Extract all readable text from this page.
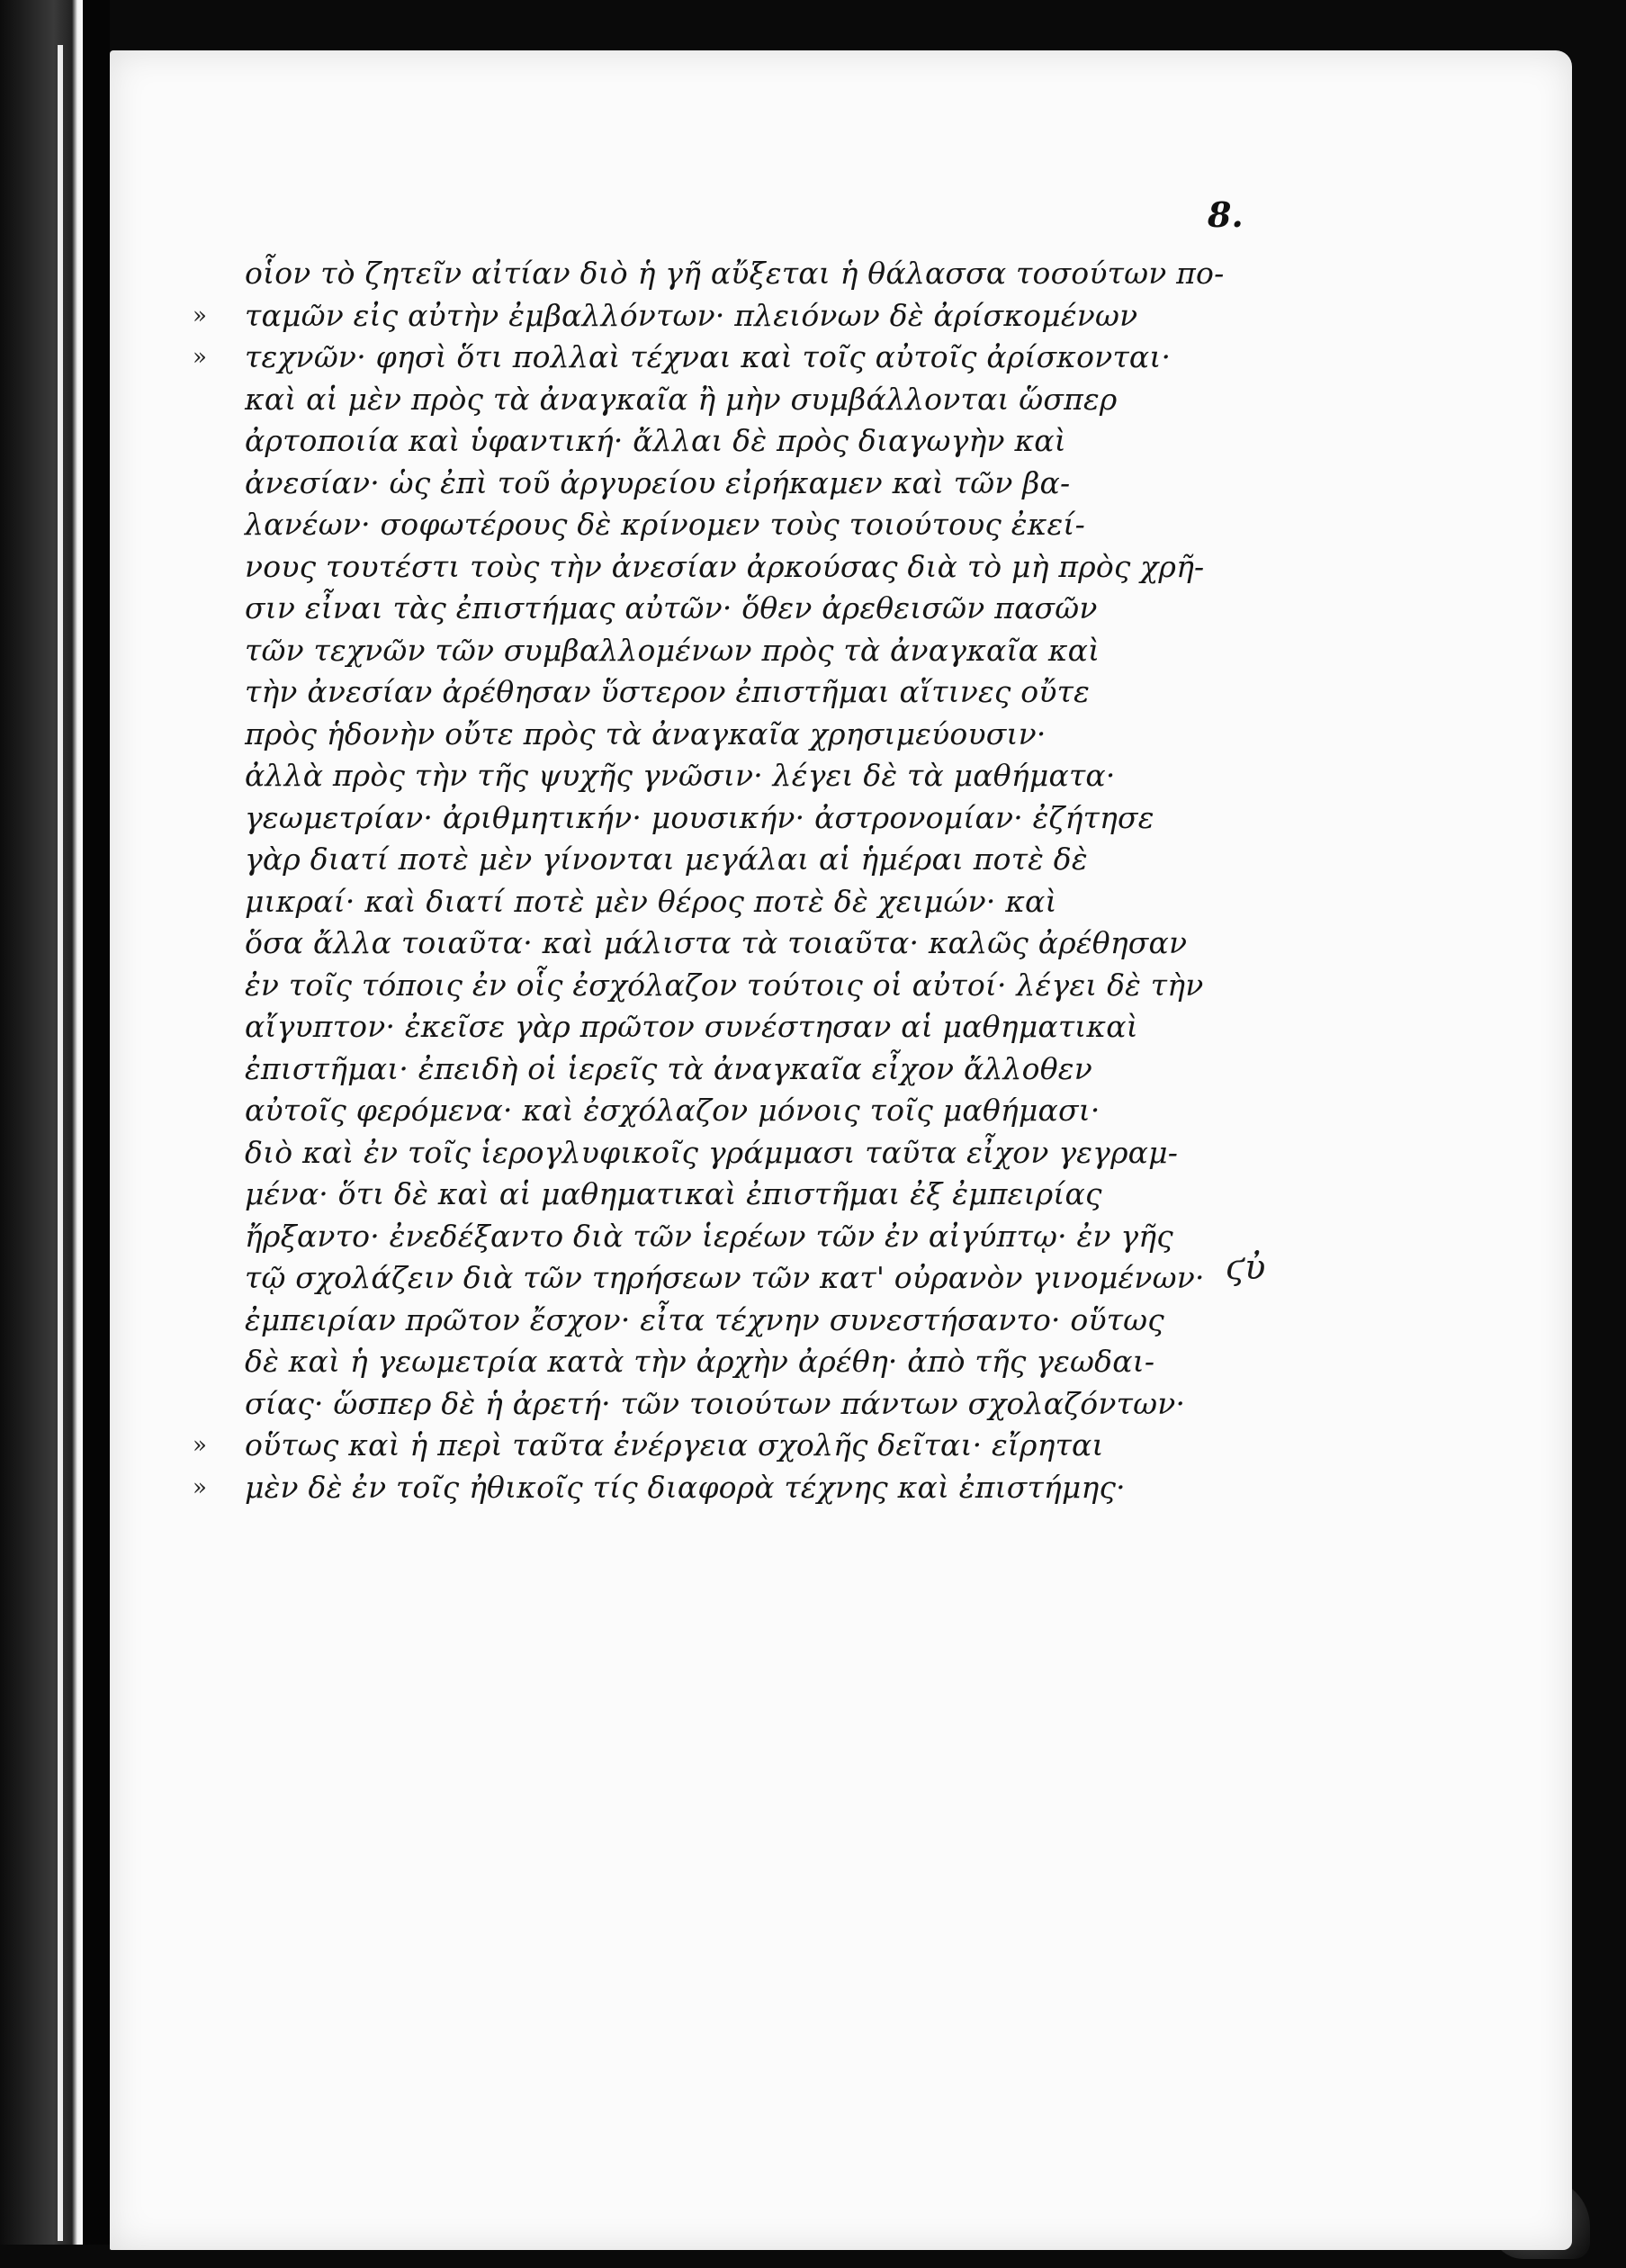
8.
ϛὐ
οἷον τὸ ζητεῖν αἰτίαν διὸ ἡ γῆ αὔξεται ἡ θάλασσα τοσούτων πο-
» ταμῶν εἰς αὐτὴν ἐμβαλλόντων· πλειόνων δὲ ἀρίσκομένων
» τεχνῶν· φησὶ ὅτι πολλαὶ τέχναι καὶ τοῖς αὐτοῖς ἀρίσκονται·
καὶ αἱ μὲν πρὸς τὰ ἀναγκαῖα ἢ μὴν συμβάλλονται ὥσπερ
ἀρτοποιία καὶ ὑφαντική· ἄλλαι δὲ πρὸς διαγωγὴν καὶ
ἀνεσίαν· ὡς ἐπὶ τοῦ ἀργυρείου εἰρήκαμεν καὶ τῶν βα-
λανέων· σοφωτέρους δὲ κρίνομεν τοὺς τοιούτους ἐκεί-
νους τουτέστι τοὺς τὴν ἀνεσίαν ἀρκούσας διὰ τὸ μὴ πρὸς χρῆ-
σιν εἶναι τὰς ἐπιστήμας αὐτῶν· ὅθεν ἀρεθεισῶν πασῶν
τῶν τεχνῶν τῶν συμβαλλομένων πρὸς τὰ ἀναγκαῖα καὶ
τὴν ἀνεσίαν ἀρέθησαν ὕστερον ἐπιστῆμαι αἵτινες οὔτε
πρὸς ἡδονὴν οὔτε πρὸς τὰ ἀναγκαῖα χρησιμεύουσιν·
ἀλλὰ πρὸς τὴν τῆς ψυχῆς γνῶσιν· λέγει δὲ τὰ μαθήματα·
γεωμετρίαν· ἀριθμητικήν· μουσικήν· ἀστρονομίαν· ἐζήτησε
γὰρ διατί ποτὲ μὲν γίνονται μεγάλαι αἱ ἡμέραι ποτὲ δὲ
μικραί· καὶ διατί ποτὲ μὲν θέρος ποτὲ δὲ χειμών· καὶ
ὅσα ἄλλα τοιαῦτα· καὶ μάλιστα τὰ τοιαῦτα· καλῶς ἀρέθησαν
ἐν τοῖς τόποις ἐν οἷς ἐσχόλαζον τούτοις οἱ αὐτοί· λέγει δὲ τὴν
αἴγυπτον· ἐκεῖσε γὰρ πρῶτον συνέστησαν αἱ μαθηματικαὶ
ἐπιστῆμαι· ἐπειδὴ οἱ ἱερεῖς τὰ ἀναγκαῖα εἶχον ἄλλοθεν
αὐτοῖς φερόμενα· καὶ ἐσχόλαζον μόνοις τοῖς μαθήμασι·
διὸ καὶ ἐν τοῖς ἱερογλυφικοῖς γράμμασι ταῦτα εἶχον γεγραμ-
μένα· ὅτι δὲ καὶ αἱ μαθηματικαὶ ἐπιστῆμαι ἐξ ἐμπειρίας
ἤρξαντο· ἐνεδέξαντο διὰ τῶν ἱερέων τῶν ἐν αἰγύπτῳ· ἐν γῆς
τῷ σχολάζειν διὰ τῶν τηρήσεων τῶν κατ' οὐρανὸν γινομένων·
ἐμπειρίαν πρῶτον ἔσχον· εἶτα τέχνην συνεστήσαντο· οὕτως
δὲ καὶ ἡ γεωμετρία κατὰ τὴν ἀρχὴν ἀρέθη· ἀπὸ τῆς γεωδαι-
σίας· ὥσπερ δὲ ἡ ἀρετή· τῶν τοιούτων πάντων σχολαζόντων·
» οὕτως καὶ ἡ περὶ ταῦτα ἐνέργεια σχολῆς δεῖται· εἴρηται
» μὲν δὲ ἐν τοῖς ἠθικοῖς τίς διαφορὰ τέχνης καὶ ἐπιστήμης·
